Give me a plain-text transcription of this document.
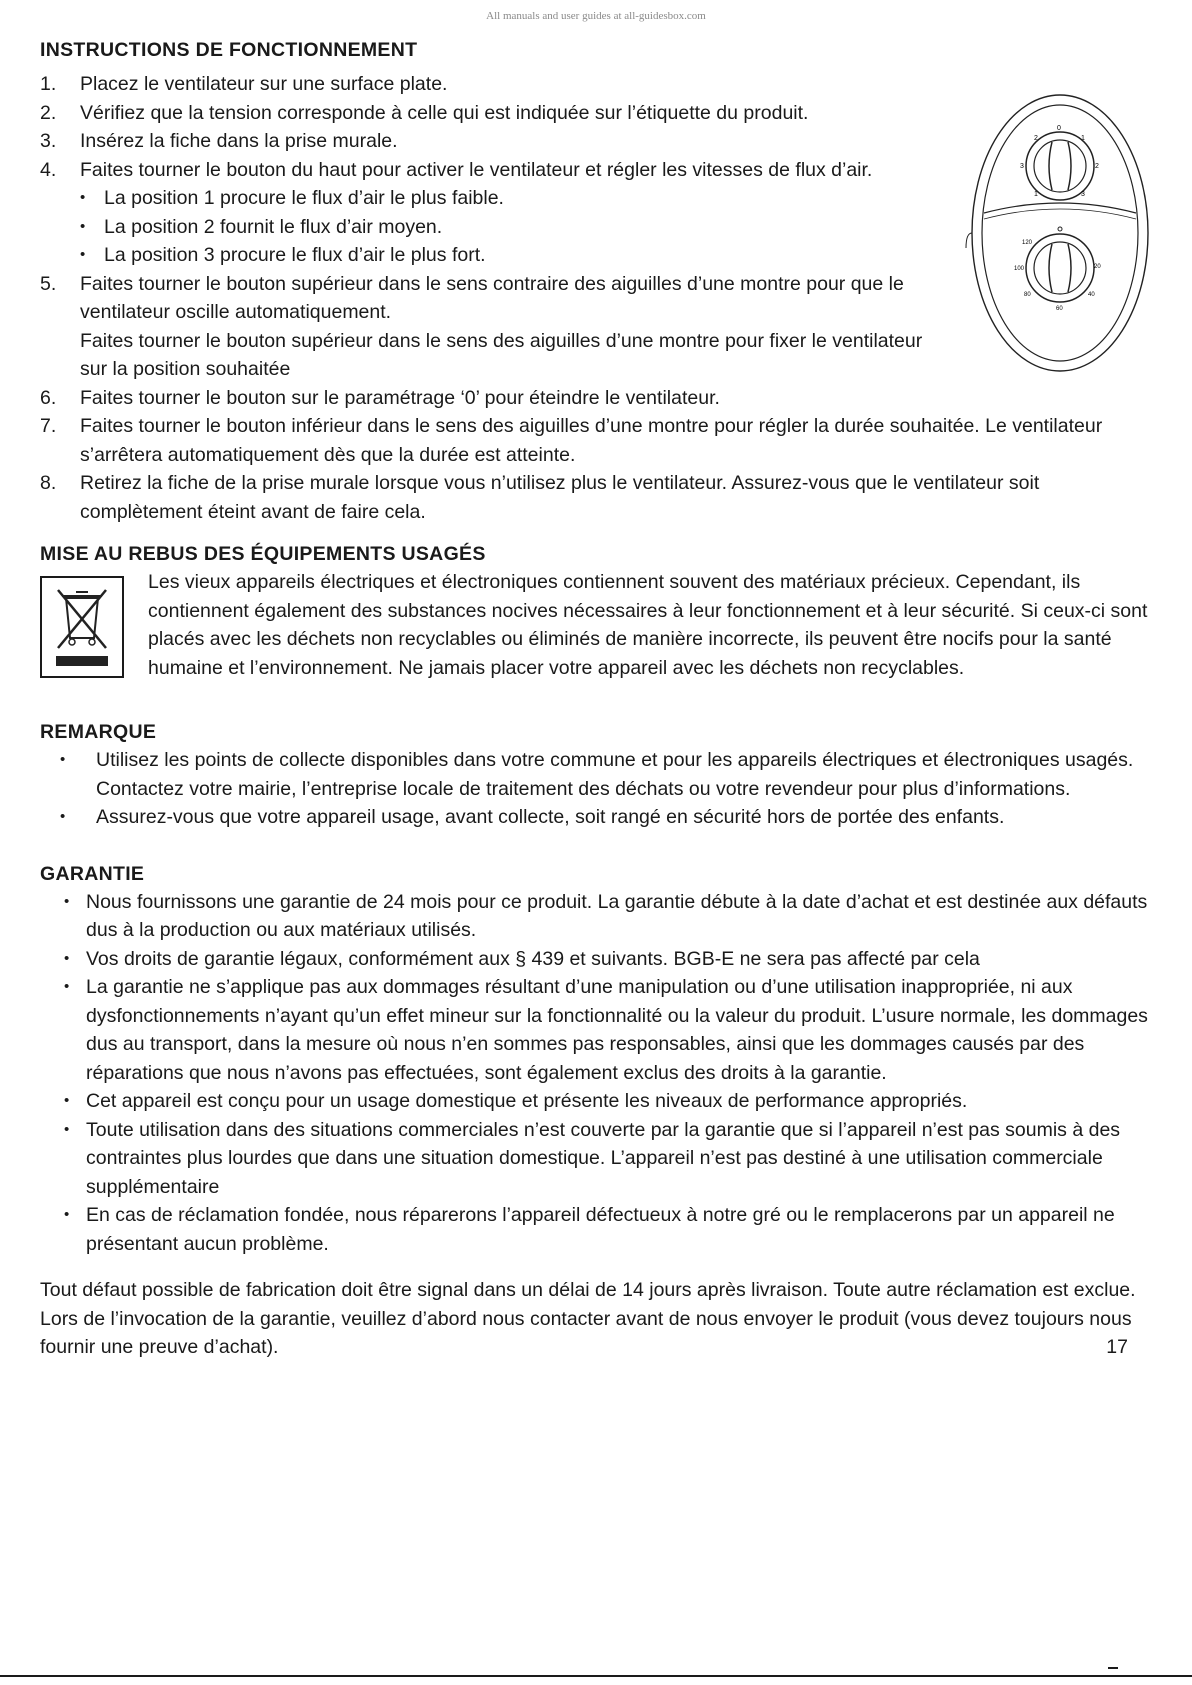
All manuals and user guides at all-guidesbox.com
1
2
3
0
1
2
3
120
20
100
40
80
60
INSTRUCTIONS DE FONCTIONNEMENT
1. Placez le ventilateur sur une surface plate.
2. Vérifiez que la tension corresponde à celle qui est indiquée sur l’étiquette du produit.
3. Insérez la fiche dans la prise murale.
4. Faites tourner le bouton du haut pour activer le ventilateur et régler les vitesses de flux d’air.
• La position 1 procure le flux d’air le plus faible.
• La position 2 fournit le flux d’air moyen.
• La position 3 procure le flux d’air le plus fort.
5. Faites tourner le bouton supérieur dans le sens contraire des aiguilles d’une montre pour que le ventilateur oscille automatiquement.
Faites tourner le bouton supérieur dans le sens des aiguilles d’une montre pour fixer le ventilateur sur la position souhaitée
6. Faites tourner le bouton sur le paramétrage ‘0’ pour éteindre le ventilateur.
7. Faites tourner le bouton inférieur dans le sens des aiguilles d’une montre pour régler la durée souhaitée. Le ventilateur s’arrêtera automatiquement dès que la durée est atteinte.
8. Retirez la fiche de la prise murale lorsque vous n’utilisez plus le ventilateur. Assurez-vous que le ventilateur soit complètement éteint avant de faire cela.
MISE AU REBUS DES ÉQUIPEMENTS USAGÉS
Les vieux appareils électriques et électroniques contiennent souvent des matériaux précieux. Cependant, ils contiennent également des substances nocives nécessaires à leur fonctionnement et à leur sécurité. Si ceux-ci sont placés avec les déchets non recyclables ou éliminés de manière incorrecte, ils peuvent être nocifs pour la santé humaine et l’environnement. Ne jamais placer votre appareil avec les déchets non recyclables.
REMARQUE
• Utilisez les points de collecte disponibles dans votre commune et pour les appareils électriques et électroniques usagés. Contactez votre mairie, l’entreprise locale de traitement des déchats ou votre revendeur pour plus d’informations.
• Assurez-vous que votre appareil usage, avant collecte, soit rangé en sécurité hors de portée des enfants.
GARANTIE
• Nous fournissons une garantie de 24 mois pour ce produit. La garantie débute à la date d’achat et est destinée aux défauts dus à la production ou aux matériaux utilisés.
• Vos droits de garantie légaux, conformément aux § 439 et suivants. BGB-E ne sera pas affecté par cela
• La garantie ne s’applique pas aux dommages résultant d’une manipulation ou d’une utilisation inappropriée, ni aux dysfonctionnements n’ayant qu’un effet mineur sur la fonctionnalité ou la valeur du produit. L’usure normale, les dommages dus au transport, dans la mesure où nous n’en sommes pas responsables, ainsi que les dommages causés par des réparations que nous n’avons pas effectuées, sont également exclus des droits à la garantie.
• Cet appareil est conçu pour un usage domestique et présente les niveaux de performance appropriés.
• Toute utilisation dans des situations commerciales n’est couverte par la garantie que si l’appareil n’est pas soumis à des contraintes plus lourdes que dans une situation domestique. L’appareil n’est pas destiné à une utilisation commerciale supplémentaire
• En cas de réclamation fondée, nous réparerons l’appareil défectueux à notre gré ou le remplacerons par un appareil ne présentant aucun problème.
Tout défaut possible de fabrication doit être signal dans un délai de 14 jours après livraison. Toute autre réclamation est exclue.
Lors de l’invocation de la garantie, veuillez d’abord nous contacter avant de nous envoyer le produit (vous devez toujours nous fournir une preuve d’achat).	17
